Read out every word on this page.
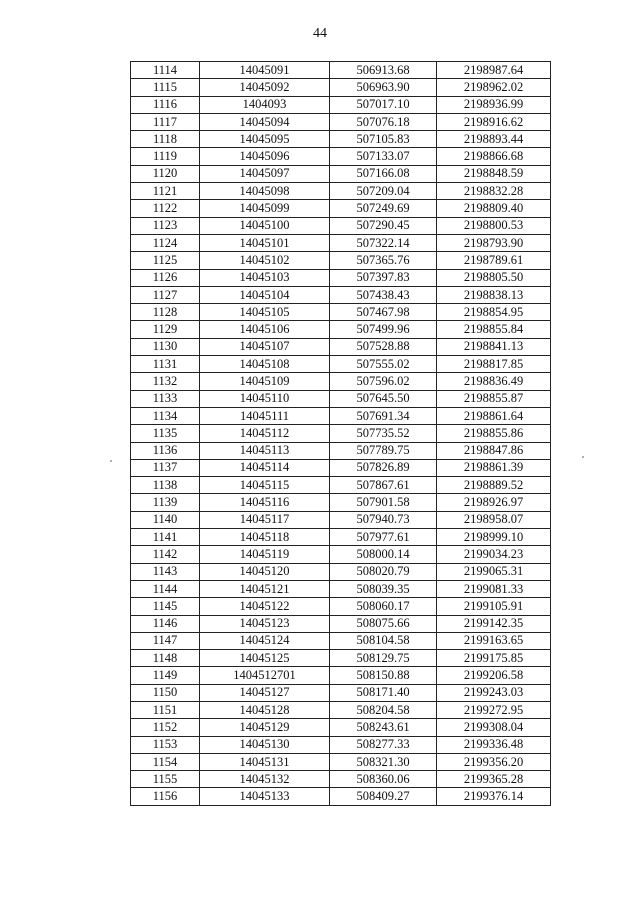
44
1114	14045091	506913.68	2198987.64
1115	14045092	506963.90	2198962.02
1116	1404093	507017.10	2198936.99
1117	14045094	507076.18	2198916.62
1118	14045095	507105.83	2198893.44
1119	14045096	507133.07	2198866.68
1120	14045097	507166.08	2198848.59
1121	14045098	507209.04	2198832.28
1122	14045099	507249.69	2198809.40
1123	14045100	507290.45	2198800.53
1124	14045101	507322.14	2198793.90
1125	14045102	507365.76	2198789.61
1126	14045103	507397.83	2198805.50
1127	14045104	507438.43	2198838.13
1128	14045105	507467.98	2198854.95
1129	14045106	507499.96	2198855.84
1130	14045107	507528.88	2198841.13
1131	14045108	507555.02	2198817.85
1132	14045109	507596.02	2198836.49
1133	14045110	507645.50	2198855.87
1134	14045111	507691.34	2198861.64
1135	14045112	507735.52	2198855.86
1136	14045113	507789.75	2198847.86
1137	14045114	507826.89	2198861.39
1138	14045115	507867.61	2198889.52
1139	14045116	507901.58	2198926.97
1140	14045117	507940.73	2198958.07
1141	14045118	507977.61	2198999.10
1142	14045119	508000.14	2199034.23
1143	14045120	508020.79	2199065.31
1144	14045121	508039.35	2199081.33
1145	14045122	508060.17	2199105.91
1146	14045123	508075.66	2199142.35
1147	14045124	508104.58	2199163.65
1148	14045125	508129.75	2199175.85
1149	1404512701	508150.88	2199206.58
1150	14045127	508171.40	2199243.03
1151	14045128	508204.58	2199272.95
1152	14045129	508243.61	2199308.04
1153	14045130	508277.33	2199336.48
1154	14045131	508321.30	2199356.20
1155	14045132	508360.06	2199365.28
1156	14045133	508409.27	2199376.14
